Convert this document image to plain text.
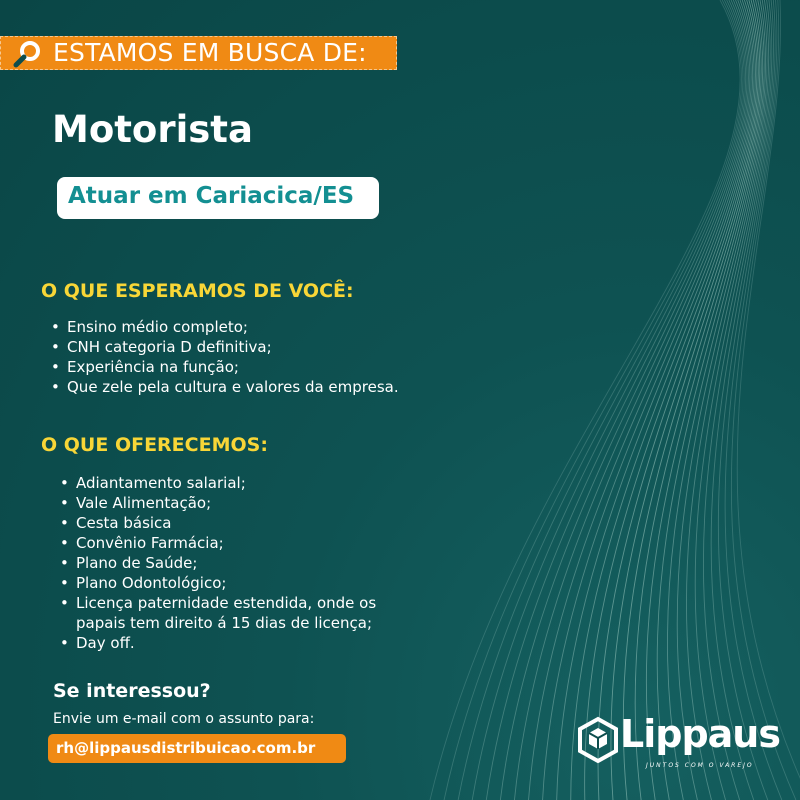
ESTAMOS EM BUSCA DE:
Motorista
Atuar em Cariacica/ES
O QUE ESPERAMOS DE VOCÊ:
• Ensino médio completo;
• CNH categoria D definitiva;
• Experiência na função;
• Que zele pela cultura e valores da empresa.
O QUE OFERECEMOS:
• Adiantamento salarial;
• Vale Alimentação;
• Cesta básica
• Convênio Farmácia;
• Plano de Saúde;
• Plano Odontológico;
• Licença paternidade estendida, onde os
papais tem direito á 15 dias de licença;
• Day off.
Se interessou?
Envie um e-mail com o assunto para:
rh@lippausdistribuicao.com.br	Lippaus
JUNTOS COM O VAREJO
